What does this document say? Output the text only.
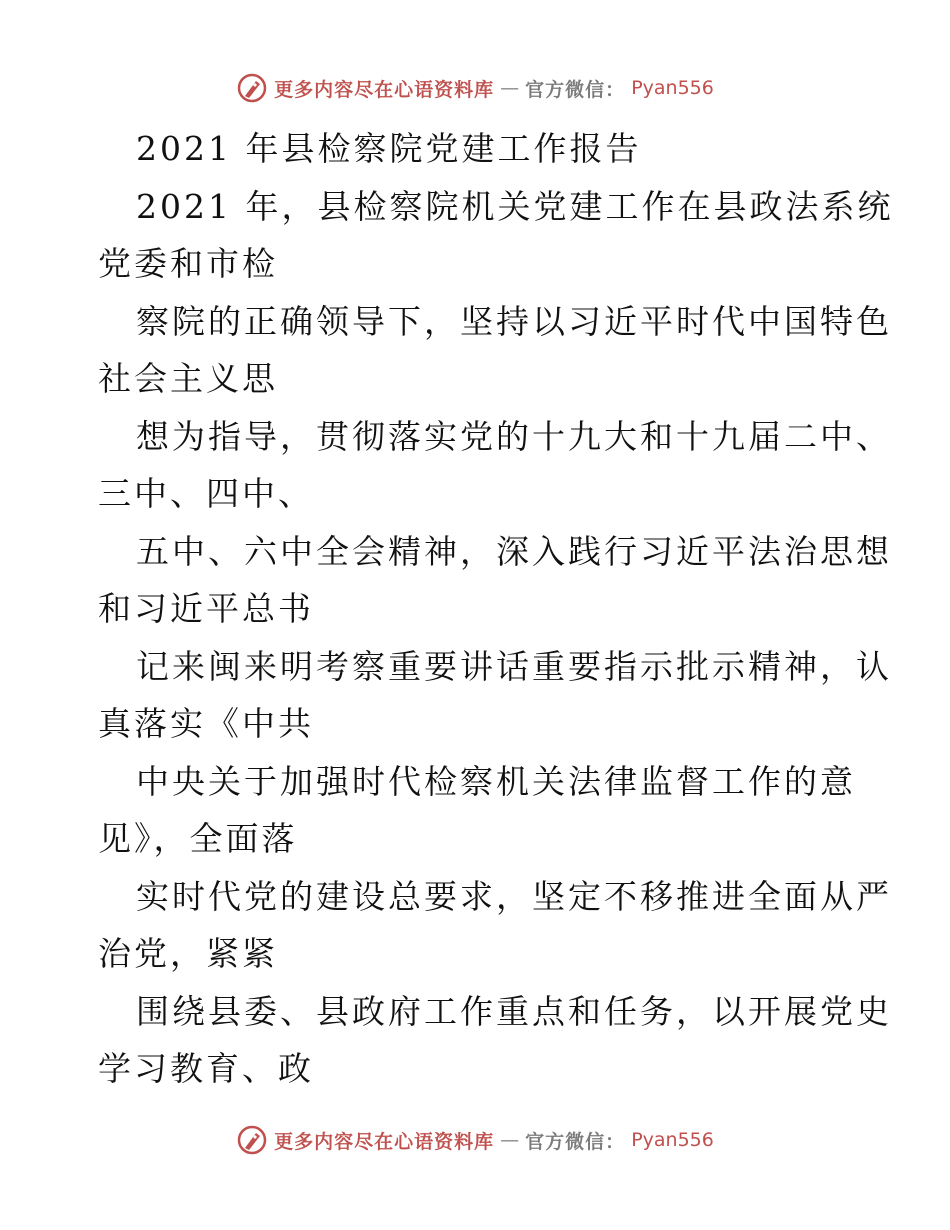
更多内容尽在心语资料库 — 官方微信： Pyan556
2021 年县检察院党建工作报告
2021 年，县检察院机关党建工作在县政法系统
党委和市检
察院的正确领导下，坚持以习近平时代中国特色
社会主义思
想为指导，贯彻落实党的十九大和十九届二中、
三中、四中、
五中、六中全会精神，深入践行习近平法治思想
和习近平总书
记来闽来明考察重要讲话重要指示批示精神，认
真落实《中共
中央关于加强时代检察机关法律监督工作的意
见》，全面落
实时代党的建设总要求，坚定不移推进全面从严
治党，紧紧
围绕县委、县政府工作重点和任务，以开展党史
学习教育、政
更多内容尽在心语资料库 — 官方微信： Pyan556
